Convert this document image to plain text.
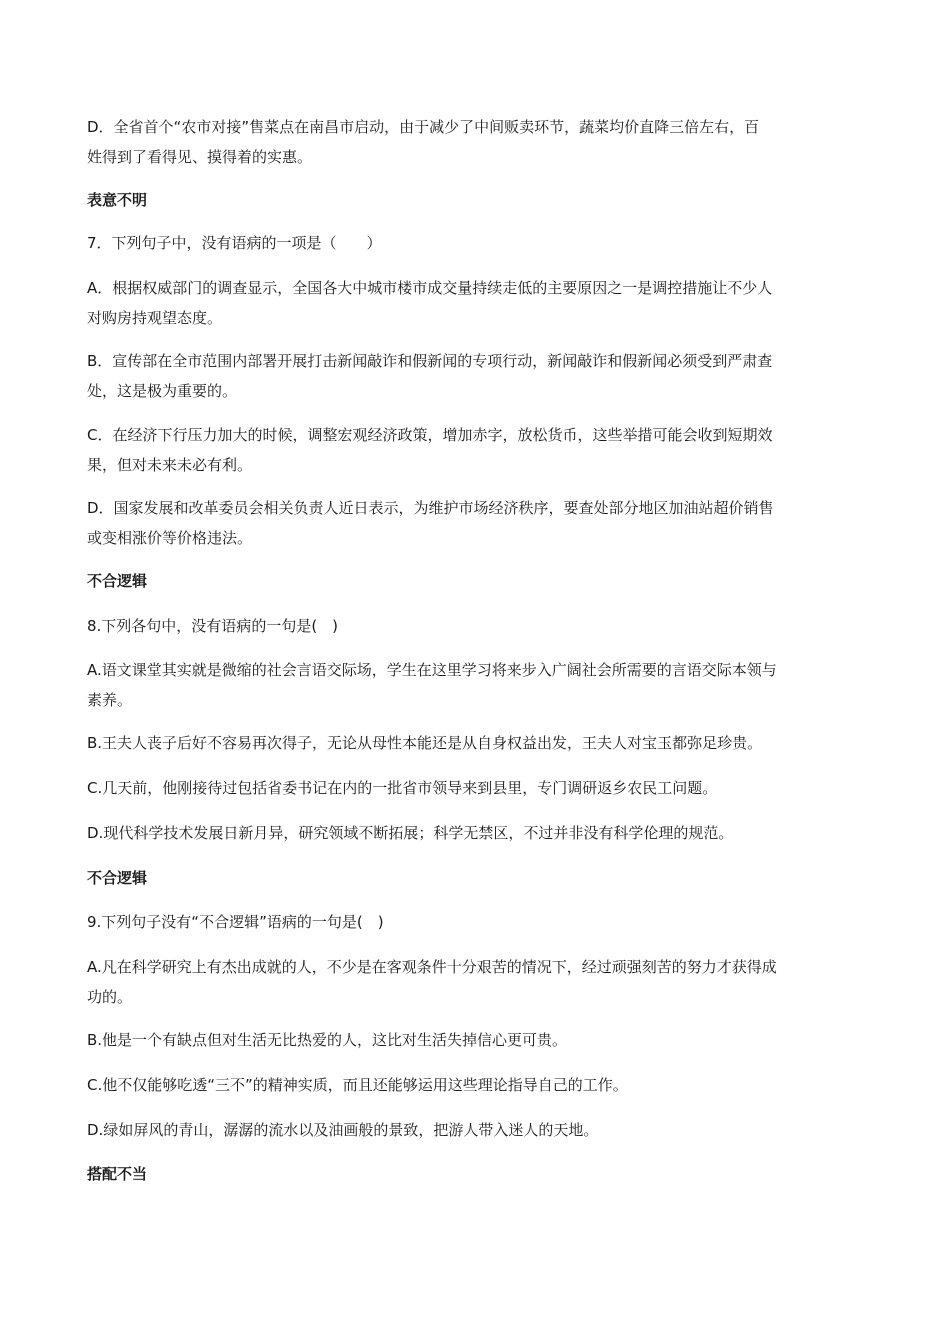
D．全省首个“农市对接”售菜点在南昌市启动，由于减少了中间贩卖环节，蔬菜均价直降三倍左右，百
姓得到了看得见、摸得着的实惠。
表意不明
7．下列句子中，没有语病的一项是（　　）
A．根据权威部门的调查显示，全国各大中城市楼市成交量持续走低的主要原因之一是调控措施让不少人
对购房持观望态度。
B．宣传部在全市范围内部署开展打击新闻敲诈和假新闻的专项行动，新闻敲诈和假新闻必须受到严肃查
处，这是极为重要的。
C．在经济下行压力加大的时候，调整宏观经济政策，增加赤字，放松货币，这些举措可能会收到短期效
果，但对未来未必有利。
D．国家发展和改革委员会相关负责人近日表示，为维护市场经济秩序，要查处部分地区加油站超价销售
或变相涨价等价格违法。
不合逻辑
8.下列各句中，没有语病的一句是(　)
A.语文课堂其实就是微缩的社会言语交际场，学生在这里学习将来步入广阔社会所需要的言语交际本领与
素养。
B.王夫人丧子后好不容易再次得子，无论从母性本能还是从自身权益出发，王夫人对宝玉都弥足珍贵。
C.几天前，他刚接待过包括省委书记在内的一批省市领导来到县里，专门调研返乡农民工问题。
D.现代科学技术发展日新月异，研究领域不断拓展；科学无禁区，不过并非没有科学伦理的规范。
不合逻辑
9.下列句子没有“不合逻辑”语病的一句是(　)
A.凡在科学研究上有杰出成就的人，不少是在客观条件十分艰苦的情况下，经过顽强刻苦的努力才获得成
功的。
B.他是一个有缺点但对生活无比热爱的人，这比对生活失掉信心更可贵。
C.他不仅能够吃透“三不”的精神实质，而且还能够运用这些理论指导自己的工作。
D.绿如屏风的青山，潺潺的流水以及油画般的景致，把游人带入迷人的天地。
搭配不当
